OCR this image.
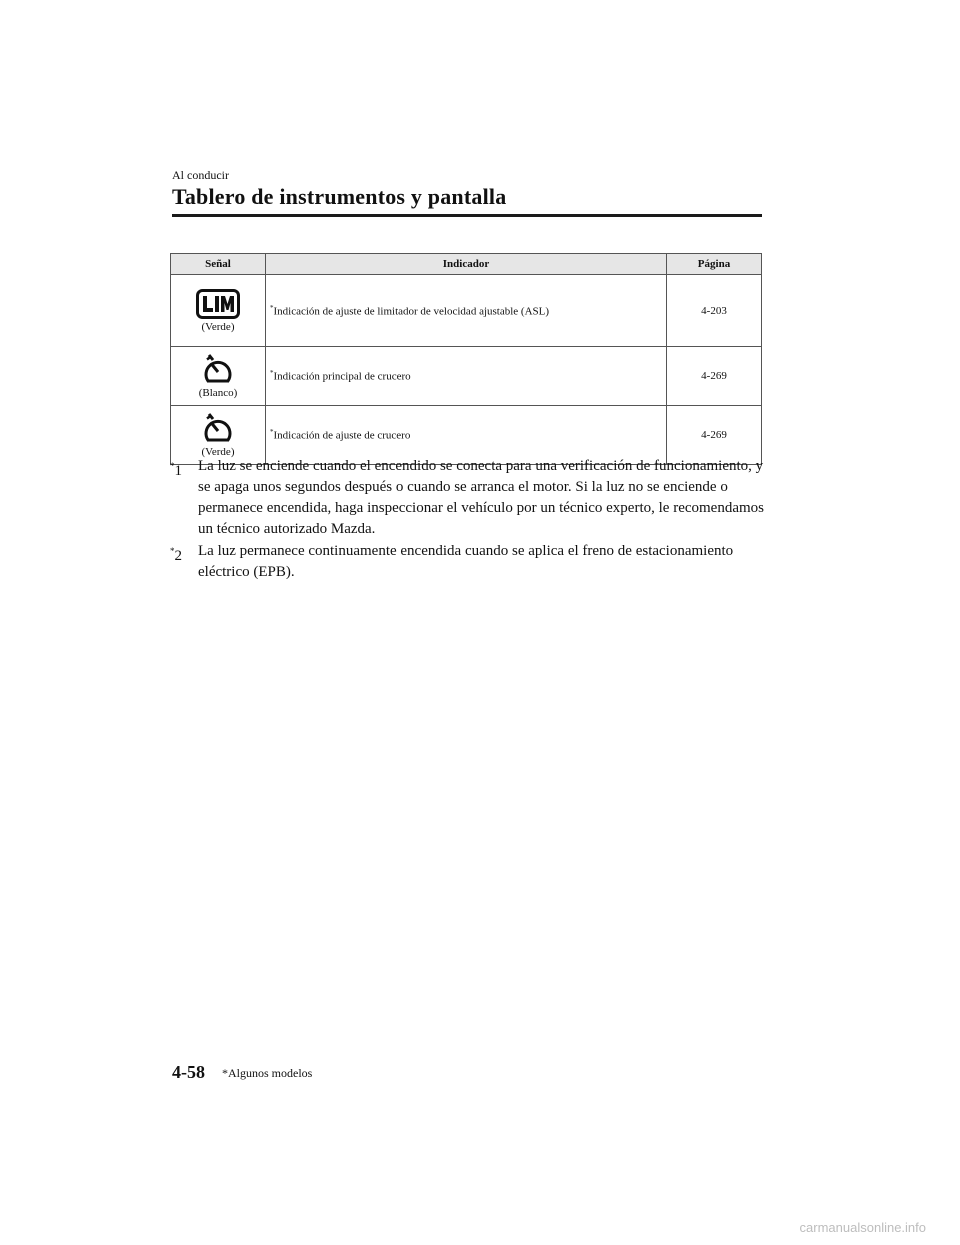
Al conducir
Tablero de instrumentos y pantalla
Señal	Indicador	Página

(Verde)	*Indicación de ajuste de limitador de velocidad ajustable (ASL)	4-203

(Blanco)	*Indicación principal de crucero	4-269

(Verde)	*Indicación de ajuste de crucero	4-269
*1 La luz se enciende cuando el encendido se conecta para una verificación de funcionamiento, y se apaga unos segundos después o cuando se arranca el motor. Si la luz no se enciende o permanece encendida, haga inspeccionar el vehículo por un técnico experto, le recomendamos un técnico autorizado Mazda.
*2 La luz permanece continuamente encendida cuando se aplica el freno de estacionamiento eléctrico (EPB).
4-58 *Algunos modelos
carmanualsonline.info
